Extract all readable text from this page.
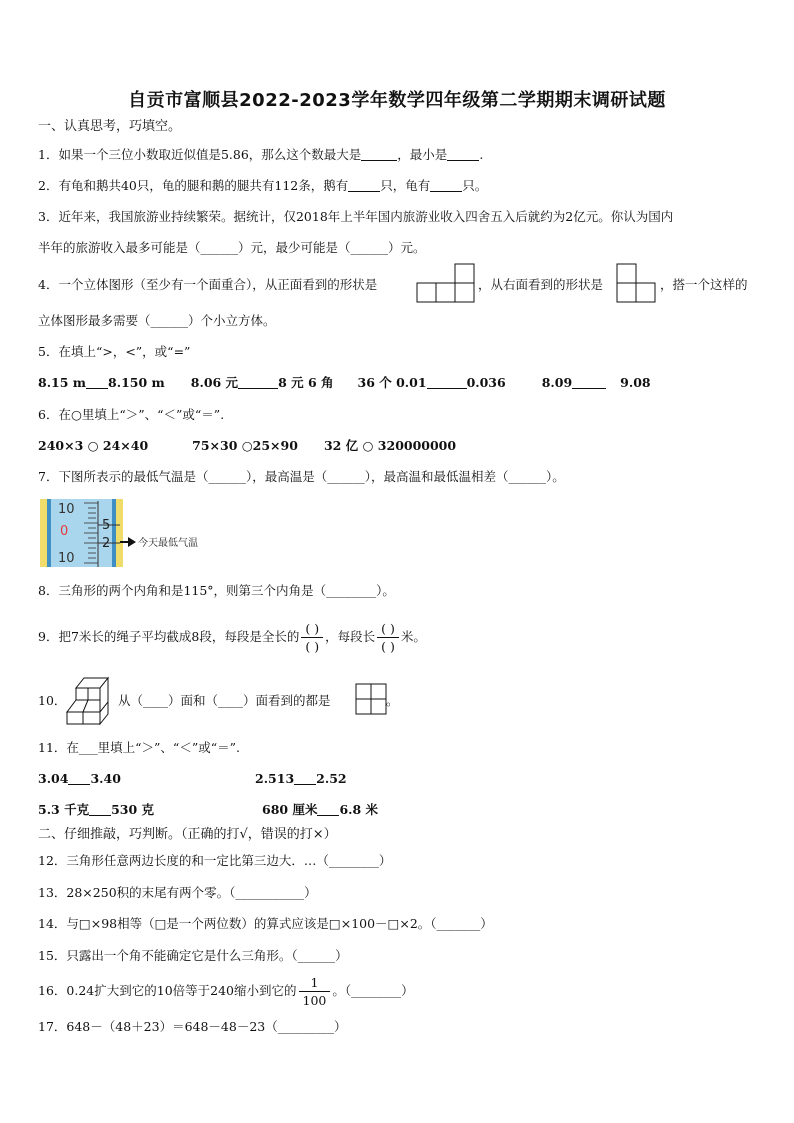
自贡市富顺县2022-2023学年数学四年级第二学期期末调研试题
一、认真思考，巧填空。
1．如果一个三位小数取近似值是5.86，那么这个数最大是	，最小是	.
2．有龟和鹅共40只，龟的腿和鹅的腿共有112条，鹅有	只，龟有	只。
3．近年来，我国旅游业持续繁荣。据统计，仅2018年上半年国内旅游业收入四舍五入后就约为2亿元。你认为国内
半年的旅游收入最多可能是（______）元，最少可能是（______）元。
4．一个立体图形（至少有一个面重合），从正面看到的形状是	，从右面看到的形状是	，搭一个这样的
立体图形最多需要（______）个小立方体。
5．在填上“>，<”，或“=”
8.15 m 8.150 m 8.06 元	8 元 6 角 36 个 0.01	0.036	8.09	9.08
6．在○里填上“＞”、“＜”或“＝”.
240×3 ○ 24×40	75×30 ○25×90 32 亿 ○ 320000000
7．下图所表示的最低气温是（______），最高温是（______），最高温和最低温相差（______）。
10
0
10
5
2	今天最低气温
8．三角形的两个内角和是115°，则第三个内角是（________）。
9．把7米长的绳子平均截成8段，每段是全长的 $\frac{( )}{( )}$ ，每段长 $\frac{( )}{( )}$ 米。
10．	从（____）面和（____）面看到的都是	。
11．在___里填上“＞”、“＜”或“＝”.
3.04 3.40	2.513 2.52
5.3 千克 530 克	680 厘米 6.8 米
二、仔细推敲，巧判断。（正确的打√，错误的打×）
12．三角形任意两边长度的和一定比第三边大．…（________）
13．28×250积的末尾有两个零。（___________）
14．与□×98相等（□是一个两位数）的算式应该是□×100－□×2。（_______）
15．只露出一个角不能确定它是什么三角形。（______）
16．0.24扩大到它的10倍等于240缩小到它的 $\frac{1}{100}$ 。（________）
17．648－（48＋23）＝648－48－23（_________）
